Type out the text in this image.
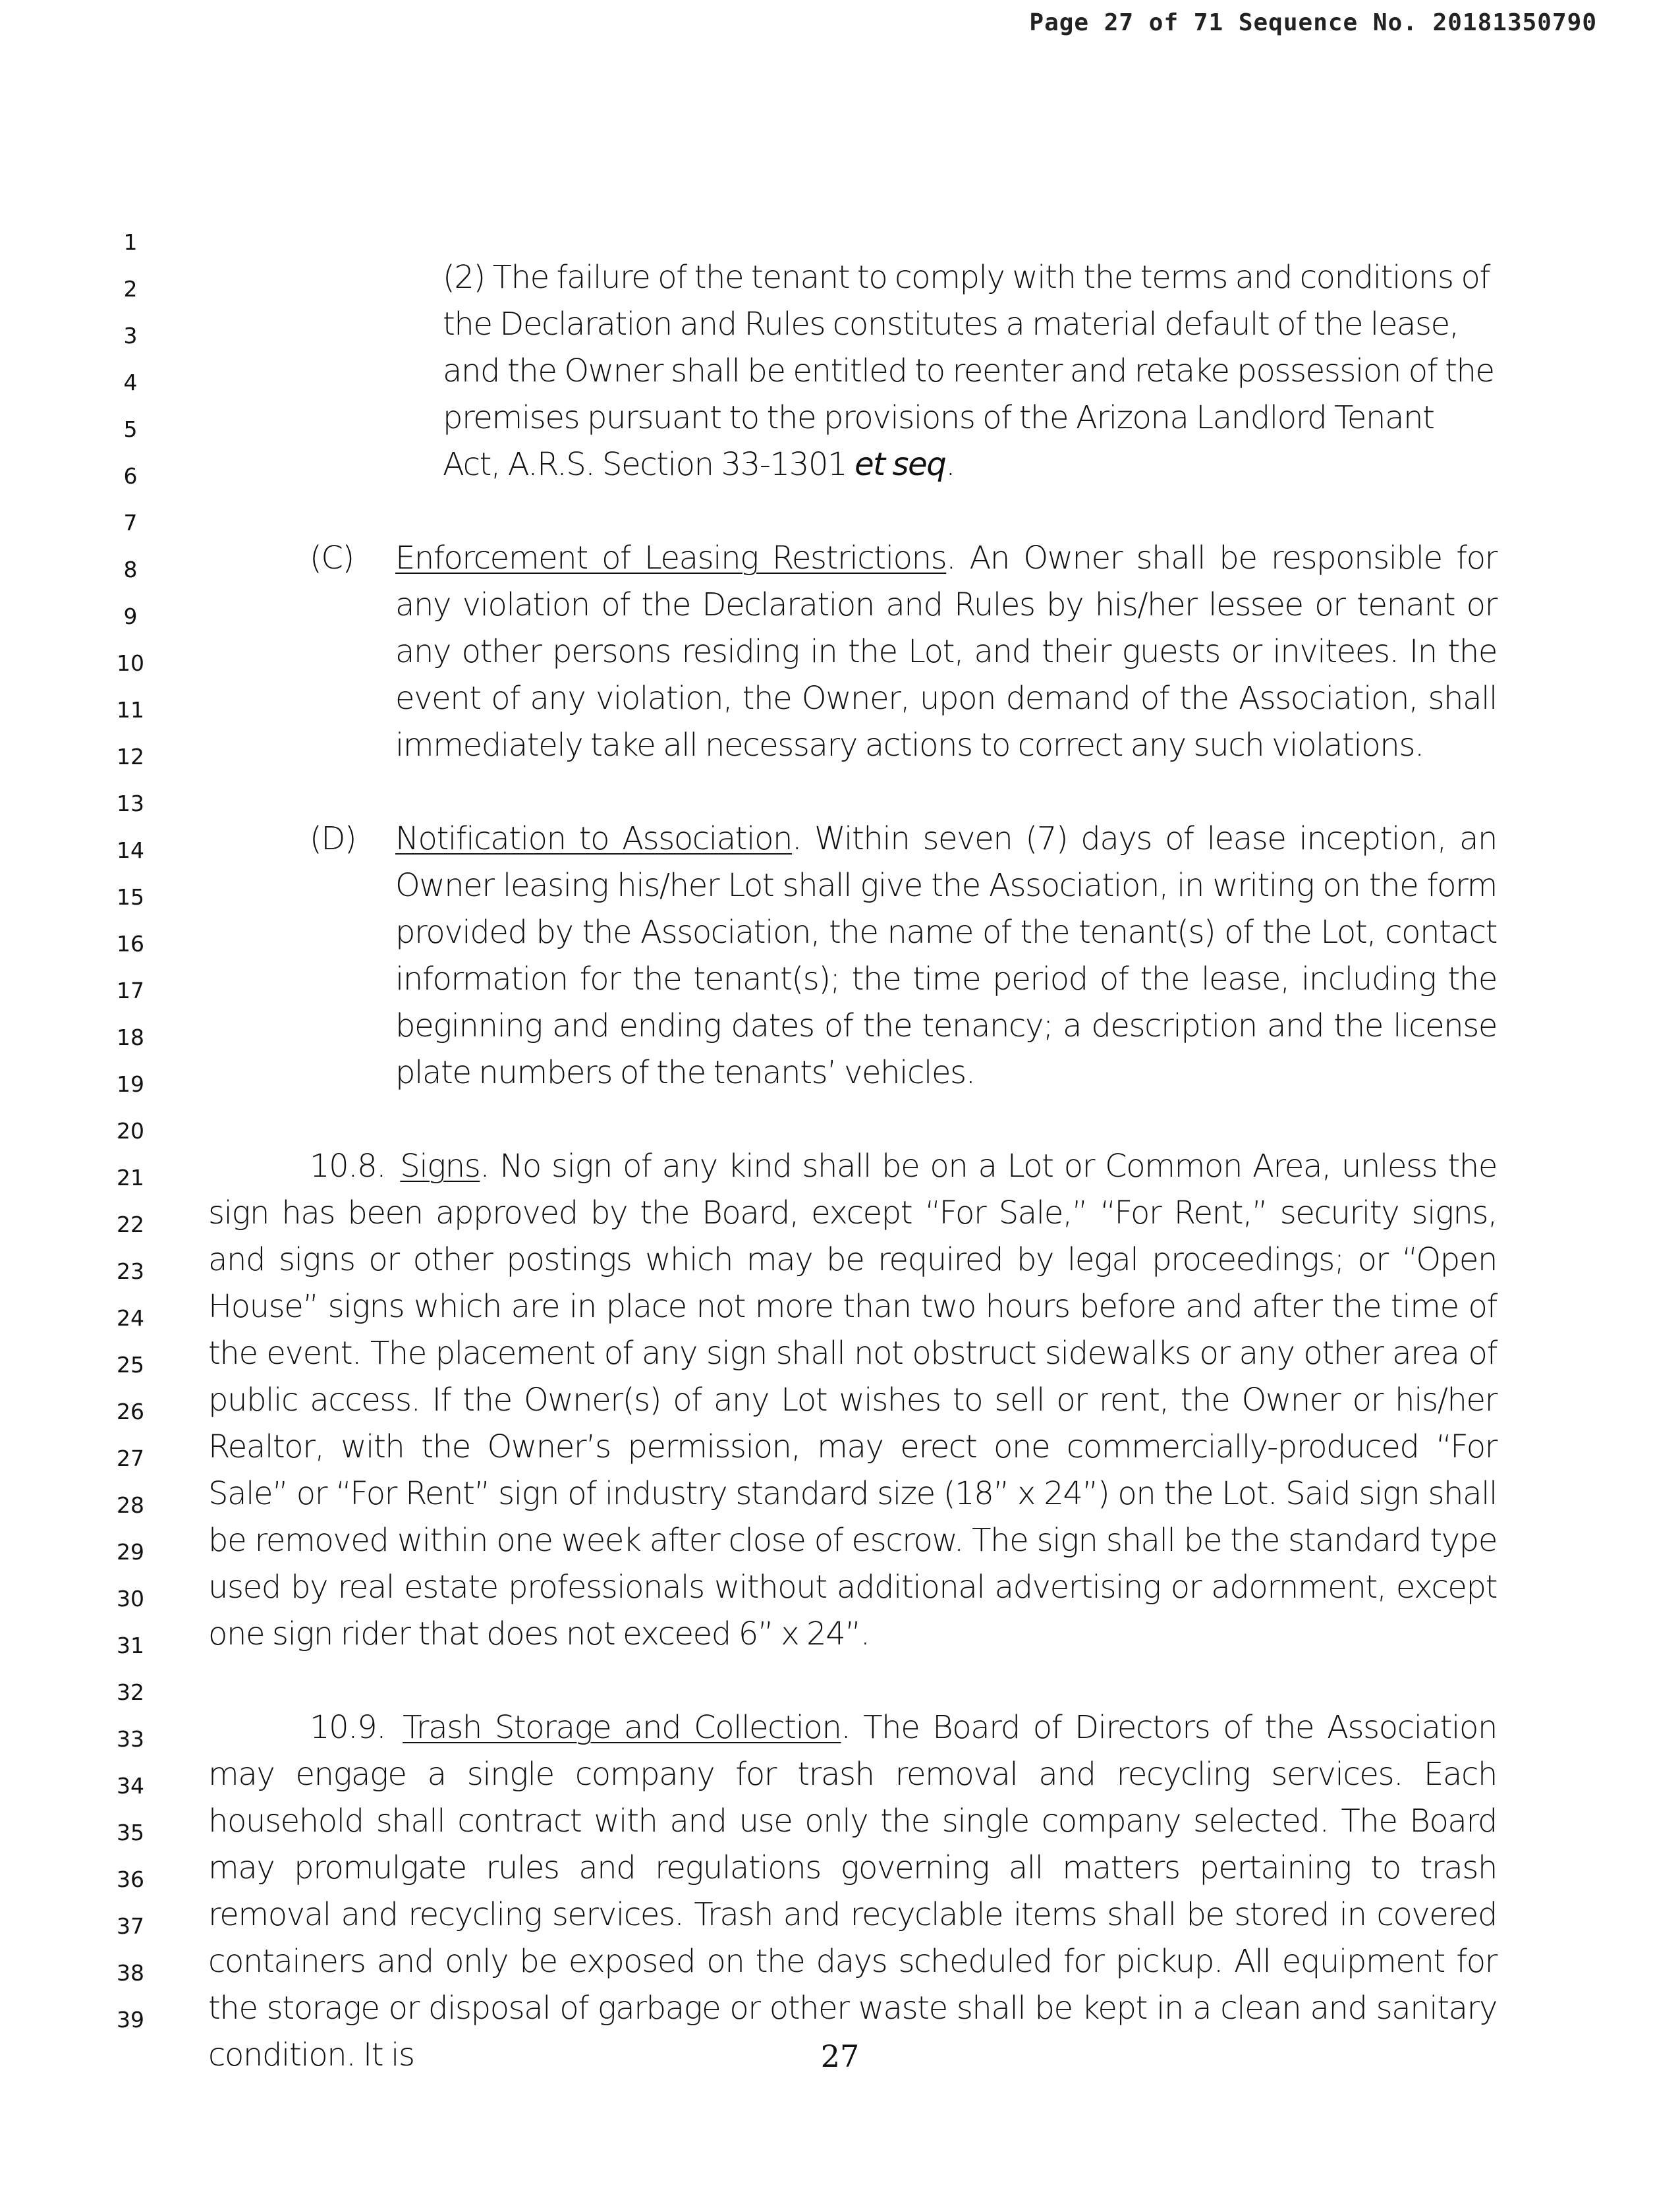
Page 27 of 71 Sequence No. 20181350790
1
2
3
4
5
6
7
8
9
10
11
12
13
14
15
16
17
18
19
20
21
22
23
24
25
26
27
28
29
30
31
32
33
34
35
36
37
38
39
(2) The failure of the tenant to comply with the terms and conditions of the Declaration and Rules constitutes a material default of the lease, and the Owner shall be entitled to reenter and retake possession of the premises pursuant to the provisions of the Arizona Landlord Tenant Act, A.R.S. Section 33-1301 et seq.
(C) Enforcement of Leasing Restrictions. An Owner shall be responsible for any violation of the Declaration and Rules by his/her lessee or tenant or any other persons residing in the Lot, and their guests or invitees. In the event of any violation, the Owner, upon demand of the Association, shall immediately take all necessary actions to correct any such violations.
(D) Notification to Association. Within seven (7) days of lease inception, an Owner leasing his/her Lot shall give the Association, in writing on the form provided by the Association, the name of the tenant(s) of the Lot, contact information for the tenant(s); the time period of the lease, including the beginning and ending dates of the tenancy; a description and the license plate numbers of the tenants’ vehicles.
10.8. Signs. No sign of any kind shall be on a Lot or Common Area, unless the sign has been approved by the Board, except “For Sale,” “For Rent,” security signs, and signs or other postings which may be required by legal proceedings; or “Open House” signs which are in place not more than two hours before and after the time of the event. The placement of any sign shall not obstruct sidewalks or any other area of public access. If the Owner(s) of any Lot wishes to sell or rent, the Owner or his/her Realtor, with the Owner’s permission, may erect one commercially-produced “For Sale” or “For Rent” sign of industry standard size (18” x 24”) on the Lot. Said sign shall be removed within one week after close of escrow. The sign shall be the standard type used by real estate professionals without additional advertising or adornment, except one sign rider that does not exceed 6” x 24”.
10.9. Trash Storage and Collection. The Board of Directors of the Association may engage a single company for trash removal and recycling services. Each household shall contract with and use only the single company selected. The Board may promulgate rules and regulations governing all matters pertaining to trash removal and recycling services. Trash and recyclable items shall be stored in covered containers and only be exposed on the days scheduled for pickup. All equipment for the storage or disposal of garbage or other waste shall be kept in a clean and sanitary condition. It is	27
